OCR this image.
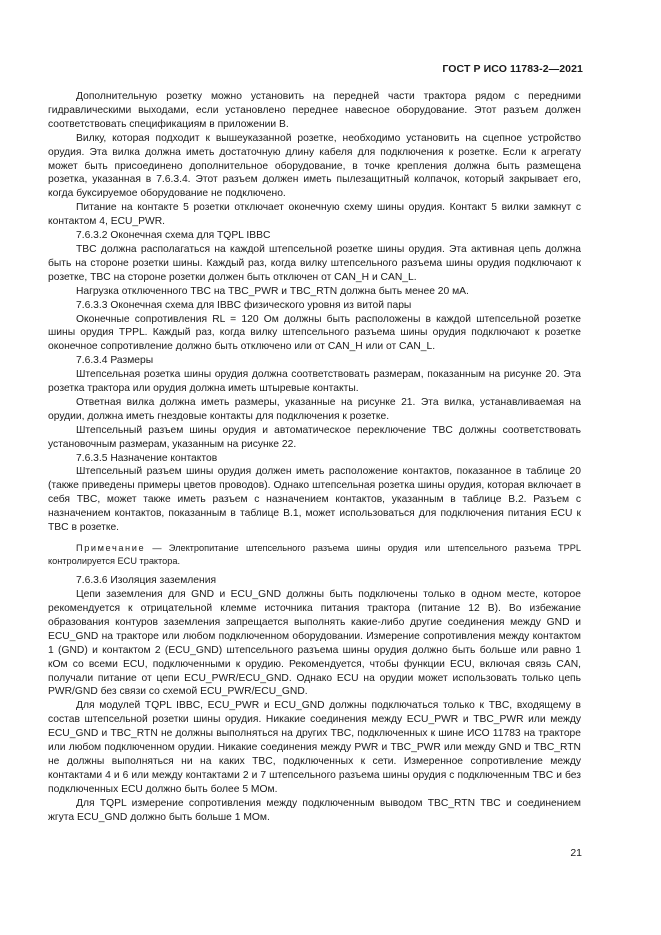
ГОСТ Р ИСО 11783-2—2021

Дополнительную розетку можно установить на передней части трактора рядом с передними гидравлическими выходами, если установлено переднее навесное оборудование. Этот разъем должен соответствовать спецификациям в приложении В.

Вилку, которая подходит к вышеуказанной розетке, необходимо установить на сцепное устройство орудия. Эта вилка должна иметь достаточную длину кабеля для подключения к розетке. Если к агрегату может быть присоединено дополнительное оборудование, в точке крепления должна быть размещена розетка, указанная в 7.6.3.4. Этот разъем должен иметь пылезащитный колпачок, который закрывает его, когда буксируемое оборудование не подключено.

Питание на контакте 5 розетки отключает оконечную схему шины орудия. Контакт 5 вилки замкнут с контактом 4, ECU_PWR.

7.6.3.2 Оконечная схема для TQPL IBBC

TBC должна располагаться на каждой штепсельной розетке шины орудия. Эта активная цепь должна быть на стороне розетки шины. Каждый раз, когда вилку штепсельного разъема шины орудия подключают к розетке, TBC на стороне розетки должен быть отключен от CAN_H и CAN_L.

Нагрузка отключенного TBC на TBC_PWR и TBC_RTN должна быть менее 20 мА.

7.6.3.3 Оконечная схема для IBBC физического уровня из витой пары

Оконечные сопротивления RL = 120 Ом должны быть расположены в каждой штепсельной розетке шины орудия TPPL. Каждый раз, когда вилку штепсельного разъема шины орудия подключают к розетке оконечное сопротивление должно быть отключено или от CAN_H или от CAN_L.

7.6.3.4 Размеры

Штепсельная розетка шины орудия должна соответствовать размерам, показанным на рисунке 20. Эта розетка трактора или орудия должна иметь штыревые контакты.

Ответная вилка должна иметь размеры, указанные на рисунке 21. Эта вилка, устанавливаемая на орудии, должна иметь гнездовые контакты для подключения к розетке.

Штепсельный разъем шины орудия и автоматическое переключение TBC должны соответствовать установочным размерам, указанным на рисунке 22.

7.6.3.5 Назначение контактов

Штепсельный разъем шины орудия должен иметь расположение контактов, показанное в таблице 20 (также приведены примеры цветов проводов). Однако штепсельная розетка шины орудия, которая включает в себя TBC, может также иметь разъем с назначением контактов, указанным в таблице В.2. Разъем с назначением контактов, показанным в таблице В.1, может использоваться для подключения питания ECU к TBC в розетке.

Примечание — Электропитание штепсельного разъема шины орудия или штепсельного разъема TPPL контролируется ECU трактора.

7.6.3.6 Изоляция заземления

Цепи заземления для GND и ECU_GND должны быть подключены только в одном месте, которое рекомендуется к отрицательной клемме источника питания трактора (питание 12 В). Во избежание образования контуров заземления запрещается выполнять какие-либо другие соединения между GND и ECU_GND на тракторе или любом подключенном оборудовании. Измерение сопротивления между контактом 1 (GND) и контактом 2 (ECU_GND) штепсельного разъема шины орудия должно быть больше или равно 1 кОм со всеми ECU, подключенными к орудию. Рекомендуется, чтобы функции ECU, включая связь CAN, получали питание от цепи ECU_PWR/ECU_GND. Однако ECU на орудии может использовать только цепь PWR/GND без связи со схемой ECU_PWR/ECU_GND.

Для модулей TQPL IBBC, ECU_PWR и ECU_GND должны подключаться только к TBC, входящему в состав штепсельной розетки шины орудия. Никакие соединения между ECU_PWR и TBC_PWR или между ECU_GND и TBC_RTN не должны выполняться на других TBC, подключенных к шине ИСО 11783 на тракторе или любом подключенном орудии. Никакие соединения между PWR и TBC_PWR или между GND и TBC_RTN не должны выполняться ни на каких TBC, подключенных к сети. Измеренное сопротивление между контактами 4 и 6 или между контактами 2 и 7 штепсельного разъема шины орудия с подключенным TBC и без подключенных ECU должно быть более 5 МОм.

Для TQPL измерение сопротивления между подключенным выводом TBC_RTN TBC и соединением жгута ECU_GND должно быть больше 1 МОм.

21
